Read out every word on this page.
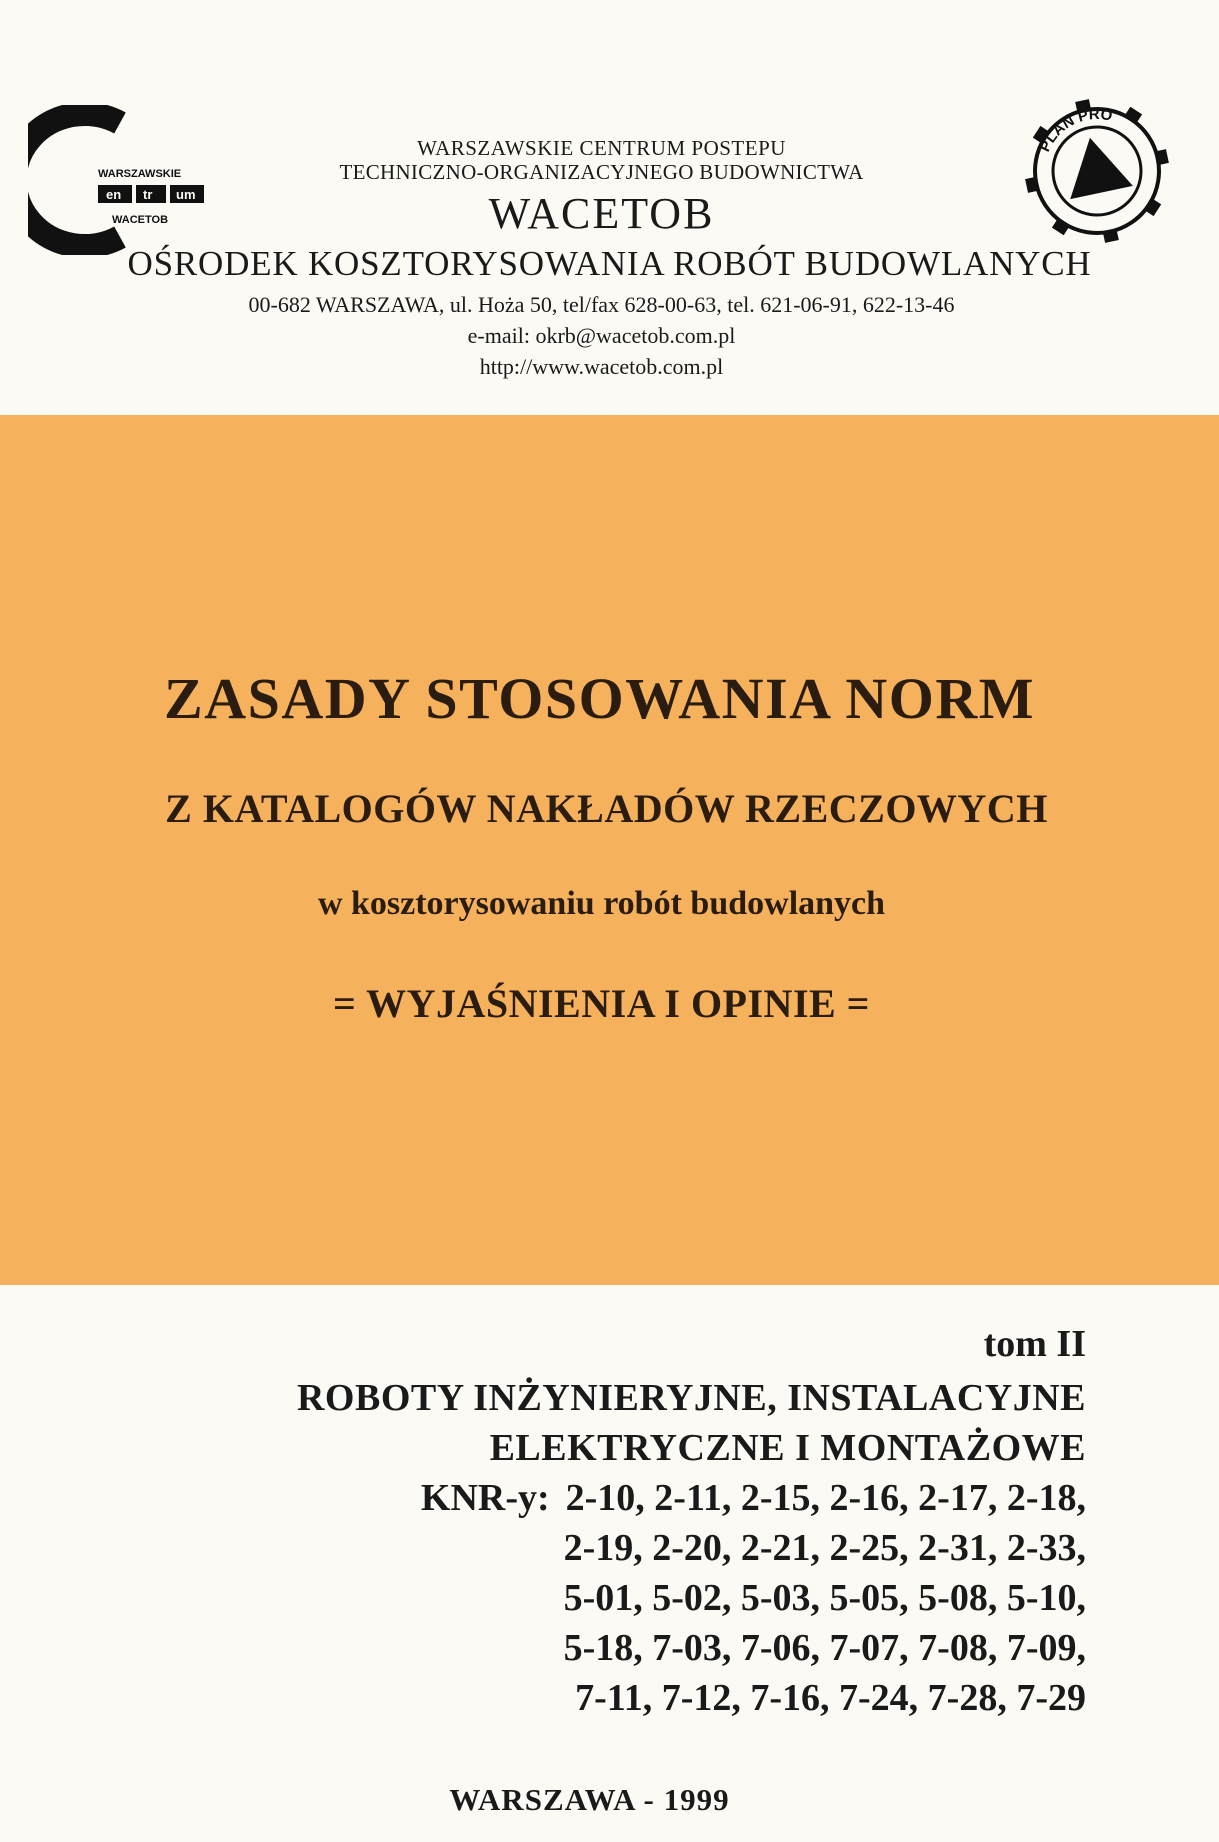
WARSZAWSKIE
en tr um
WACETOB
PLAN PRO
WARSZAWSKIE CENTRUM POSTEPU
TECHNICZNO-ORGANIZACYJNEGO BUDOWNICTWA
WACETOB
OŚRODEK KOSZTORYSOWANIA ROBÓT BUDOWLANYCH
00-682 WARSZAWA, ul. Hoża 50, tel/fax 628-00-63, tel. 621-06-91, 622-13-46
e-mail: okrb@wacetob.com.pl
http://www.wacetob.com.pl
ZASADY STOSOWANIA NORM
Z KATALOGÓW NAKŁADÓW RZECZOWYCH
w kosztorysowaniu robót budowlanych
= WYJAŚNIENIA I OPINIE =
tom II
ROBOTY INŻYNIERYJNE, INSTALACYJNE
ELEKTRYCZNE I MONTAŻOWE
KNR-y: 2-10, 2-11, 2-15, 2-16, 2-17, 2-18,
2-19, 2-20, 2-21, 2-25, 2-31, 2-33,
5-01, 5-02, 5-03, 5-05, 5-08, 5-10,
5-18, 7-03, 7-06, 7-07, 7-08, 7-09,
7-11, 7-12, 7-16, 7-24, 7-28, 7-29
WARSZAWA - 1999
